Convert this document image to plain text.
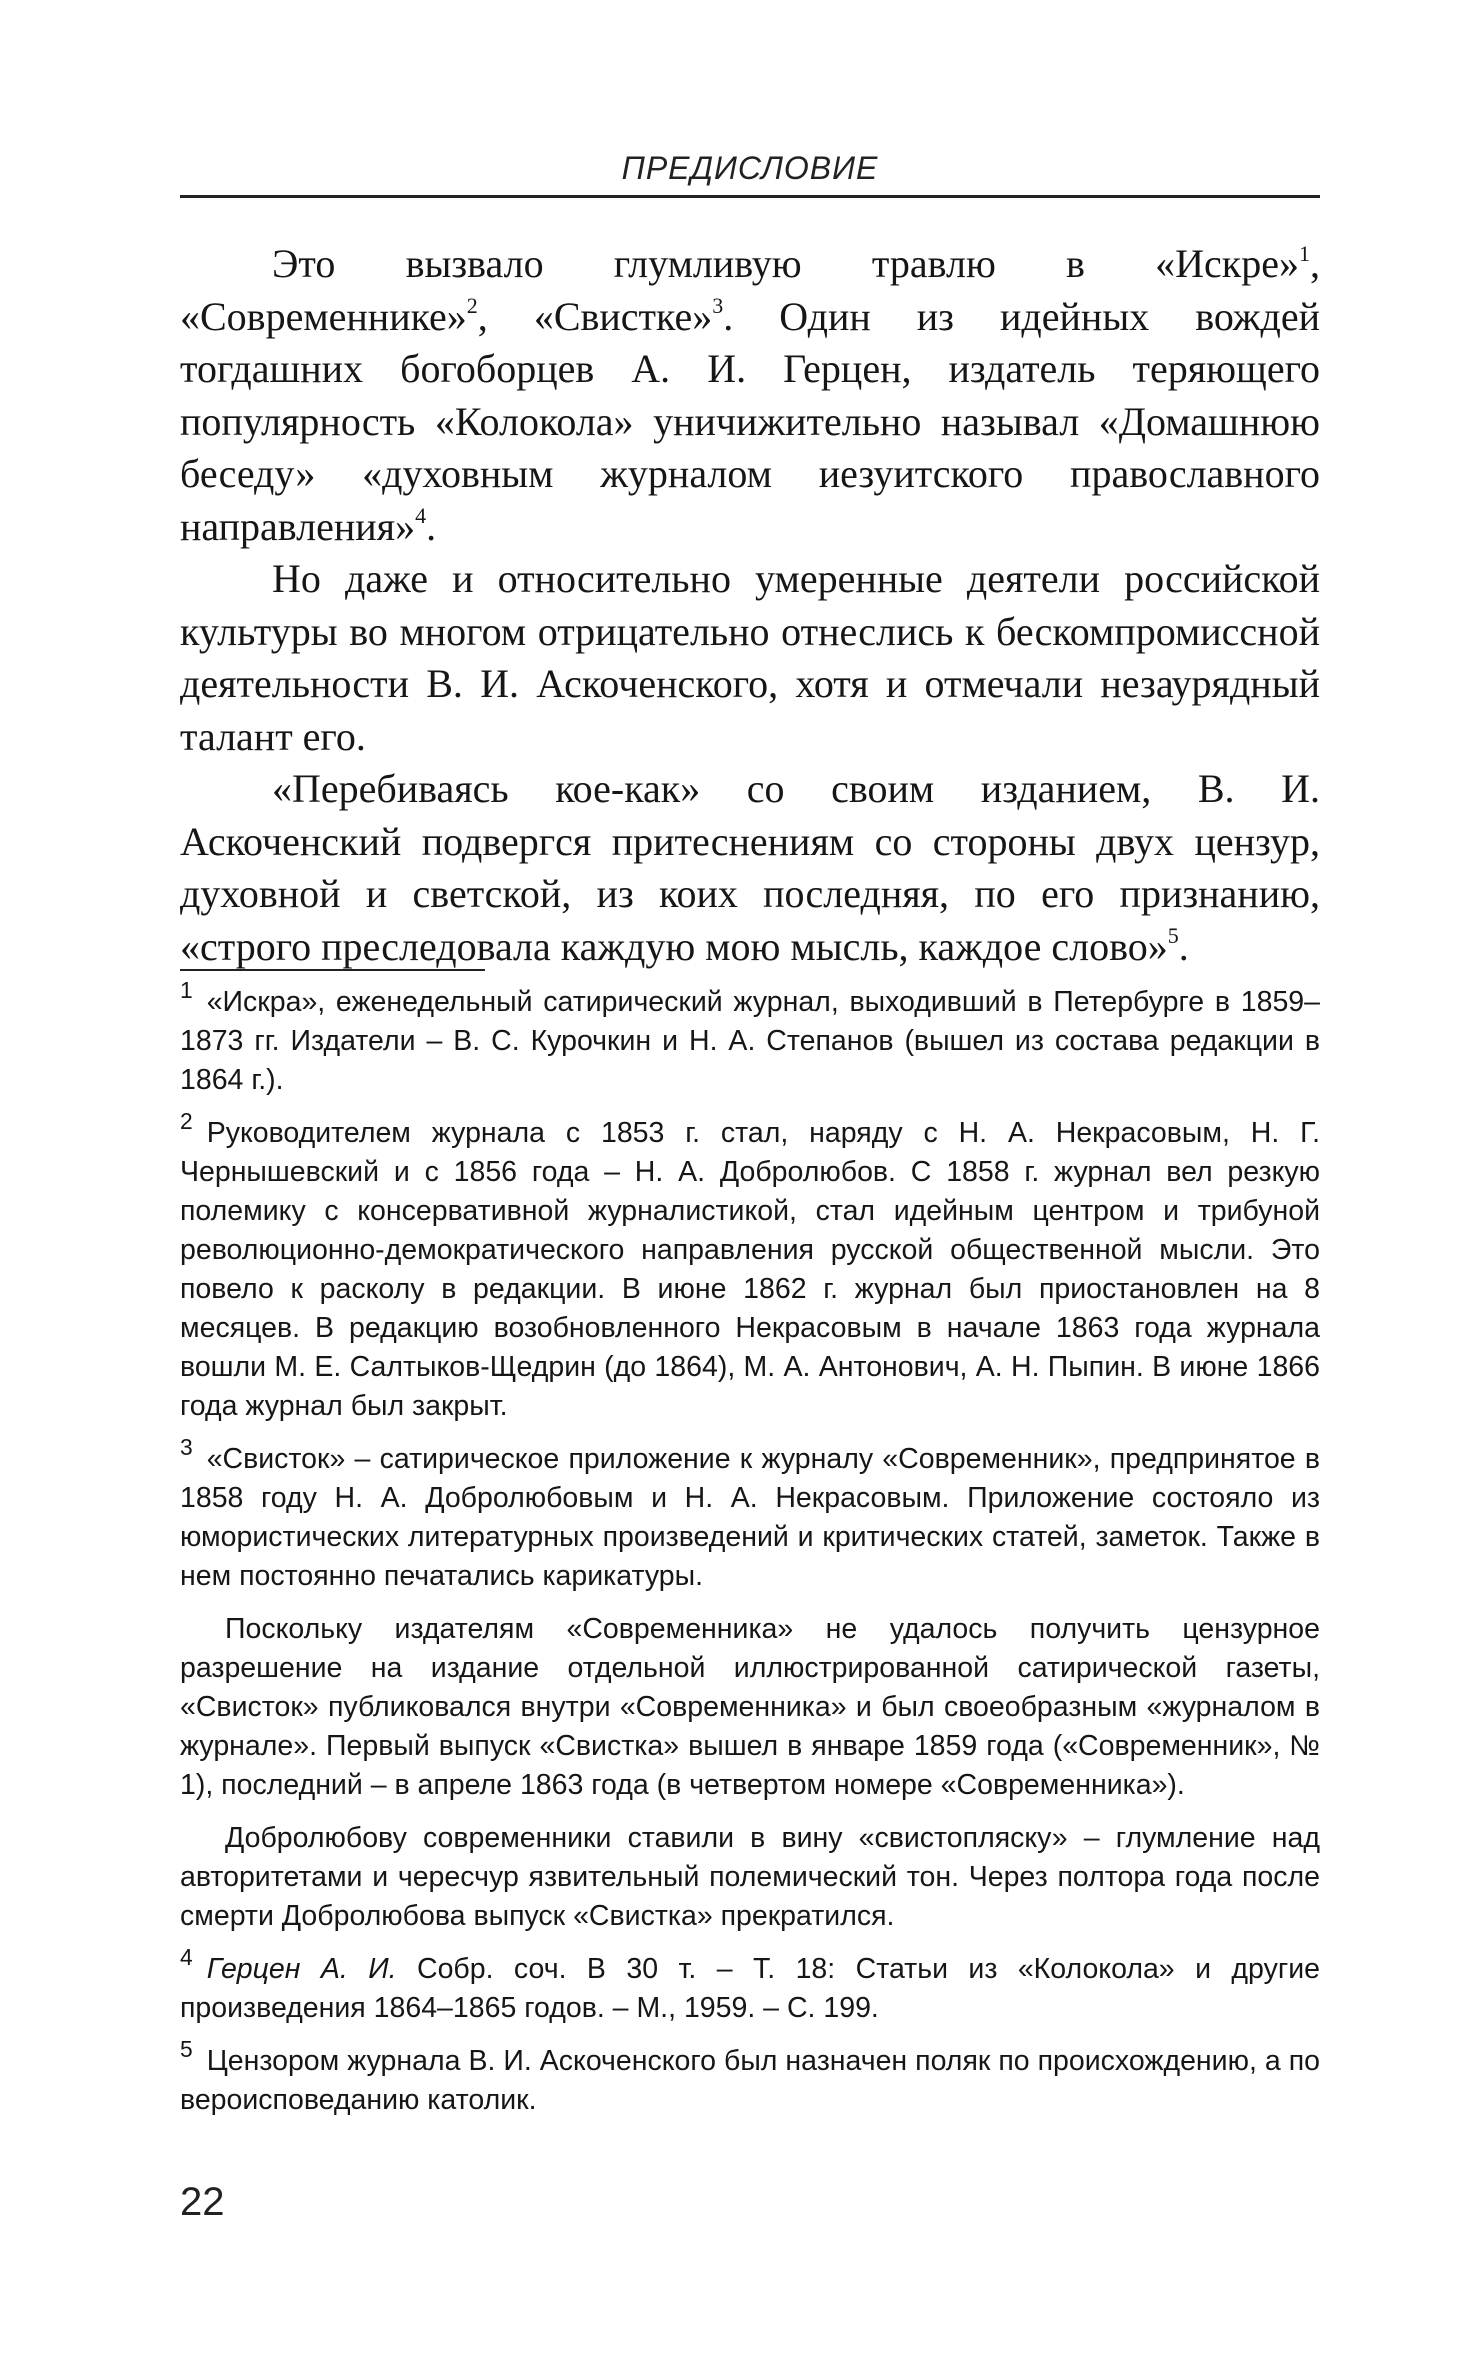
ПРЕДИСЛОВИЕ

Это вызвало глумливую травлю в «Искре»$^1$, «Современнике»$^2$, «Свистке»$^3$. Один из идейных вождей тогдашних богоборцев А. И. Герцен, издатель теряющего популярность «Колокола» уничижительно называл «Домашнюю беседу» «духовным журналом иезуитского православного направления»$^4$.

Но даже и относительно умеренные деятели российской культуры во многом отрицательно отнеслись к бескомпромиссной деятельности В. И. Аскоченского, хотя и отмечали незаурядный талант его.

«Перебиваясь кое-как» со своим изданием, В. И. Аскоченский подвергся притеснениям со стороны двух цензур, духовной и светской, из коих последняя, по его признанию, «строго преследовала каждую мою мысль, каждое слово»$^5$.

$^1$ «Искра», еженедельный сатирический журнал, выходивший в Петербурге в 1859–1873 гг. Издатели – В. С. Курочкин и Н. А. Степанов (вышел из состава редакции в 1864 г.).

$^2$ Руководителем журнала с 1853 г. стал, наряду с Н. А. Некрасовым, Н. Г. Чернышевский и с 1856 года – Н. А. Добролюбов. С 1858 г. журнал вел резкую полемику с консервативной журналистикой, стал идейным центром и трибуной революционно-демократического направления русской общественной мысли. Это повело к расколу в редакции. В июне 1862 г. журнал был приостановлен на 8 месяцев. В редакцию возобновленного Некрасовым в начале 1863 года журнала вошли М. Е. Салтыков-Щедрин (до 1864), М. А. Антонович, А. Н. Пыпин. В июне 1866 года журнал был закрыт.

$^3$ «Свисток» – сатирическое приложение к журналу «Современник», предпринятое в 1858 году Н. А. Добролюбовым и Н. А. Некрасовым. Приложение состояло из юмористических литературных произведений и критических статей, заметок. Также в нем постоянно печатались карикатуры.

Поскольку издателям «Современника» не удалось получить цензурное разрешение на издание отдельной иллюстрированной сатирической газеты, «Свисток» публиковался внутри «Современника» и был своеобразным «журналом в журнале». Первый выпуск «Свистка» вышел в январе 1859 года («Современник», № 1), последний – в апреле 1863 года (в четвертом номере «Современника»).

Добролюбову современники ставили в вину «свистопляску» – глумление над авторитетами и чересчур язвительный полемический тон. Через полтора года после смерти Добролюбова выпуск «Свистка» прекратился.

$^4$ Герцен А. И. Собр. соч. В 30 т. – Т. 18: Статьи из «Колокола» и другие произведения 1864–1865 годов. – М., 1959. – С. 199.

$^5$ Цензором журнала В. И. Аскоченского был назначен поляк по происхождению, а по вероисповеданию католик.

22
